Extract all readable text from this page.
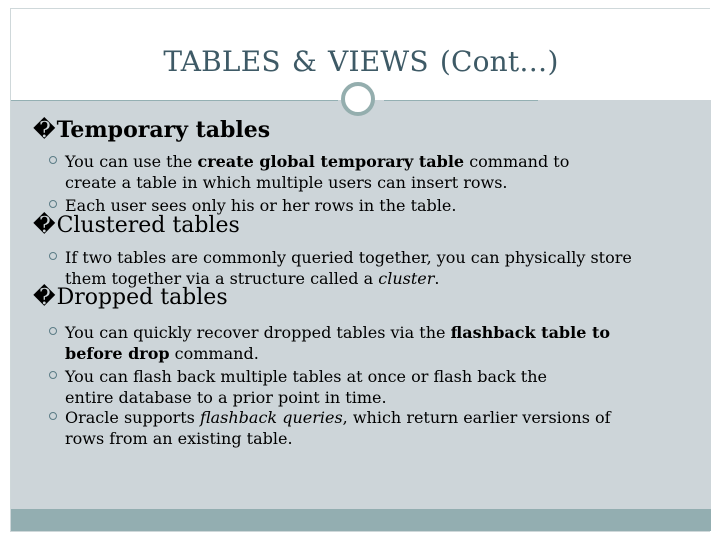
TABLES & VIEWS (Cont…)
�Temporary tables

You can use the create global temporary table command to

create a table in which multiple users can insert rows.

Each user sees only his or her rows in the table.

�Clustered tables

If two tables are commonly queried together, you can physically store

them together via a structure called a cluster.

�Dropped tables

You can quickly recover dropped tables via the flashback table to

before drop command.

You can flash back multiple tables at once or flash back the

entire database to a prior point in time.

Oracle supports flashback queries, which return earlier versions of

rows from an existing table.
